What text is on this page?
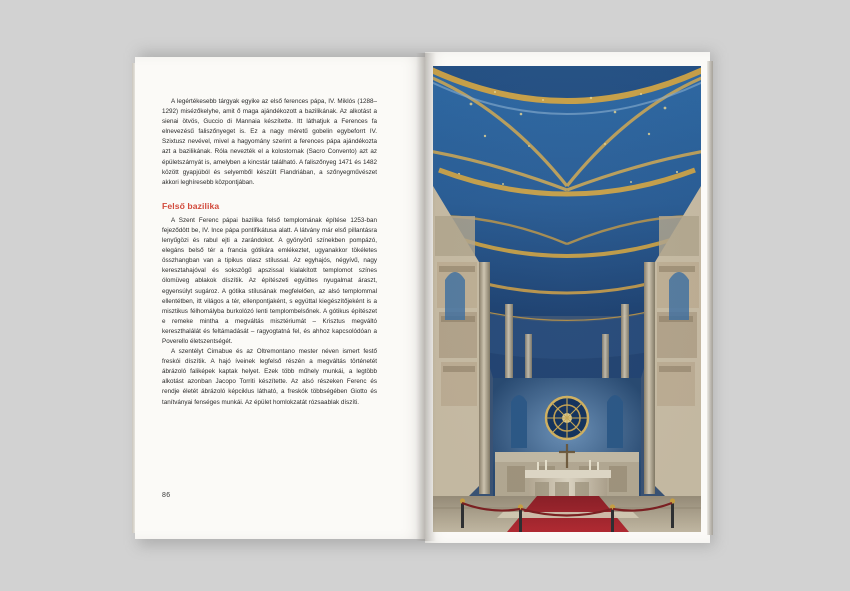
A legértékesebb tárgyak egyike az első ferences pápa, IV. Miklós (1288–1292) misézőkelyhe, amit ő maga ajándékozott a bazilikának. Az alkotást a sienai ötvös, Guccio di Mannaia készítette. Itt láthatjuk a Ferences fa elnevezésű faliszőnyeget is. Ez a nagy méretű gobelin egybeforrt IV. Szixtusz nevével, mivel a hagyomány szerint a ferences pápa ajándékozta azt a bazilikának. Róla nevezték el a kolostornak (Sacro Convento) azt az épületszárnyát is, amelyben a kincstár található. A faliszőnyeg 1471 és 1482 között gyapjúból és selyemből készült Flandriában, a szőnyegművészet akkori leghíresebb központjában.

Felső bazilika

A Szent Ferenc pápai bazilika felső templomának építése 1253-ban fejeződött be, IV. Ince pápa pontifikátusa alatt. A látvány már első pillantásra lenyűgözi és rabul ejti a zarándokot. A gyönyörű színekben pompázó, elegáns belső tér a francia gótikára emlékeztet, ugyanakkor tökéletes összhangban van a tipikus olasz stílussal. Az egyhajós, négyívű, nagy keresztahajóval és sokszögű apszissal kialakított templomot színes ólomüveg ablakok díszítik. Az építészeti együttes nyugalmat áraszt, egyensúlyt sugároz. A gótika stílusának megfelelően, az alsó templommal ellentétben, itt világos a tér, ellenpontjaként, s együttal kiegészítőjeként is a misztikus félhomályba burkolózó lenti templombelsőnek. A gótikus építészet e remeke mintha a megváltás misztériumát – Krisztus megváltó kereszthalálát és feltámadását – ragyogtatná fel, és ahhoz kapcsolódóan a Poverello életszentségét.

A szentélyt Cimabue és az Oltremontano mester néven ismert festő freskói díszítik. A hajó íveinek legfelső részén a megváltás történetét ábrázoló faliképek kaptak helyet. Ezek több műhely munkái, a legtöbb alkotást azonban Jacopo Torriti készítette. Az alsó részeken Ferenc és rendje életét ábrázoló képciklus látható, a freskók többségében Giotto és tanítványai fenséges munkái. Az épület homlokzatát rózsaablak díszíti.

86
